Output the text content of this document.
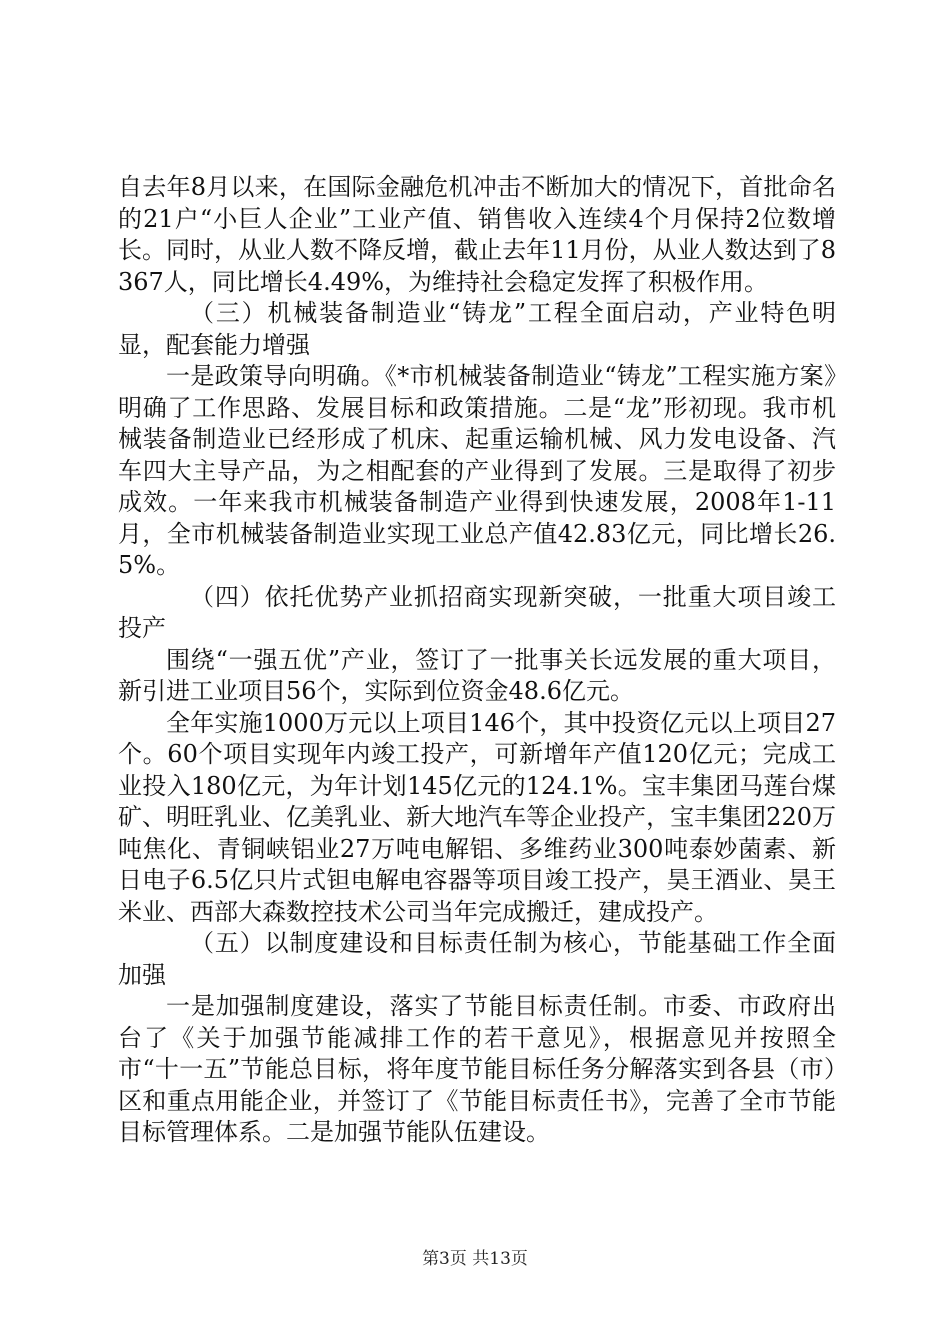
自去年8月以来，在国际金融危机冲击不断加大的情况下，首批命名的21户“小巨人企业”工业产值、销售收入连续4个月保持2位数增长。同时，从业人数不降反增，截止去年11月份，从业人数达到了8367人，同比增长4.49%，为维持社会稳定发挥了积极作用。

（三）机械装备制造业“铸龙”工程全面启动，产业特色明显，配套能力增强

一是政策导向明确。《*市机械装备制造业“铸龙”工程实施方案》明确了工作思路、发展目标和政策措施。二是“龙”形初现。我市机械装备制造业已经形成了机床、起重运输机械、风力发电设备、汽车四大主导产品，为之相配套的产业得到了发展。三是取得了初步成效。一年来我市机械装备制造产业得到快速发展，2008年1-11月，全市机械装备制造业实现工业总产值42.83亿元，同比增长26.5%。

（四）依托优势产业抓招商实现新突破，一批重大项目竣工投产

围绕“一强五优”产业，签订了一批事关长远发展的重大项目，新引进工业项目56个，实际到位资金48.6亿元。

全年实施1000万元以上项目146个，其中投资亿元以上项目27个。60个项目实现年内竣工投产，可新增年产值120亿元；完成工业投入180亿元，为年计划145亿元的124.1%。宝丰集团马莲台煤矿、明旺乳业、亿美乳业、新大地汽车等企业投产，宝丰集团220万吨焦化、青铜峡铝业27万吨电解铝、多维药业300吨泰妙菌素、新日电子6.5亿只片式钽电解电容器等项目竣工投产，昊王酒业、昊王米业、西部大森数控技术公司当年完成搬迁，建成投产。

（五）以制度建设和目标责任制为核心，节能基础工作全面加强

一是加强制度建设，落实了节能目标责任制。市委、市政府出台了《关于加强节能减排工作的若干意见》，根据意见并按照全市“十一五”节能总目标，将年度节能目标任务分解落实到各县（市）区和重点用能企业，并签订了《节能目标责任书》，完善了全市节能目标管理体系。二是加强节能队伍建设。

第3页 共13页
